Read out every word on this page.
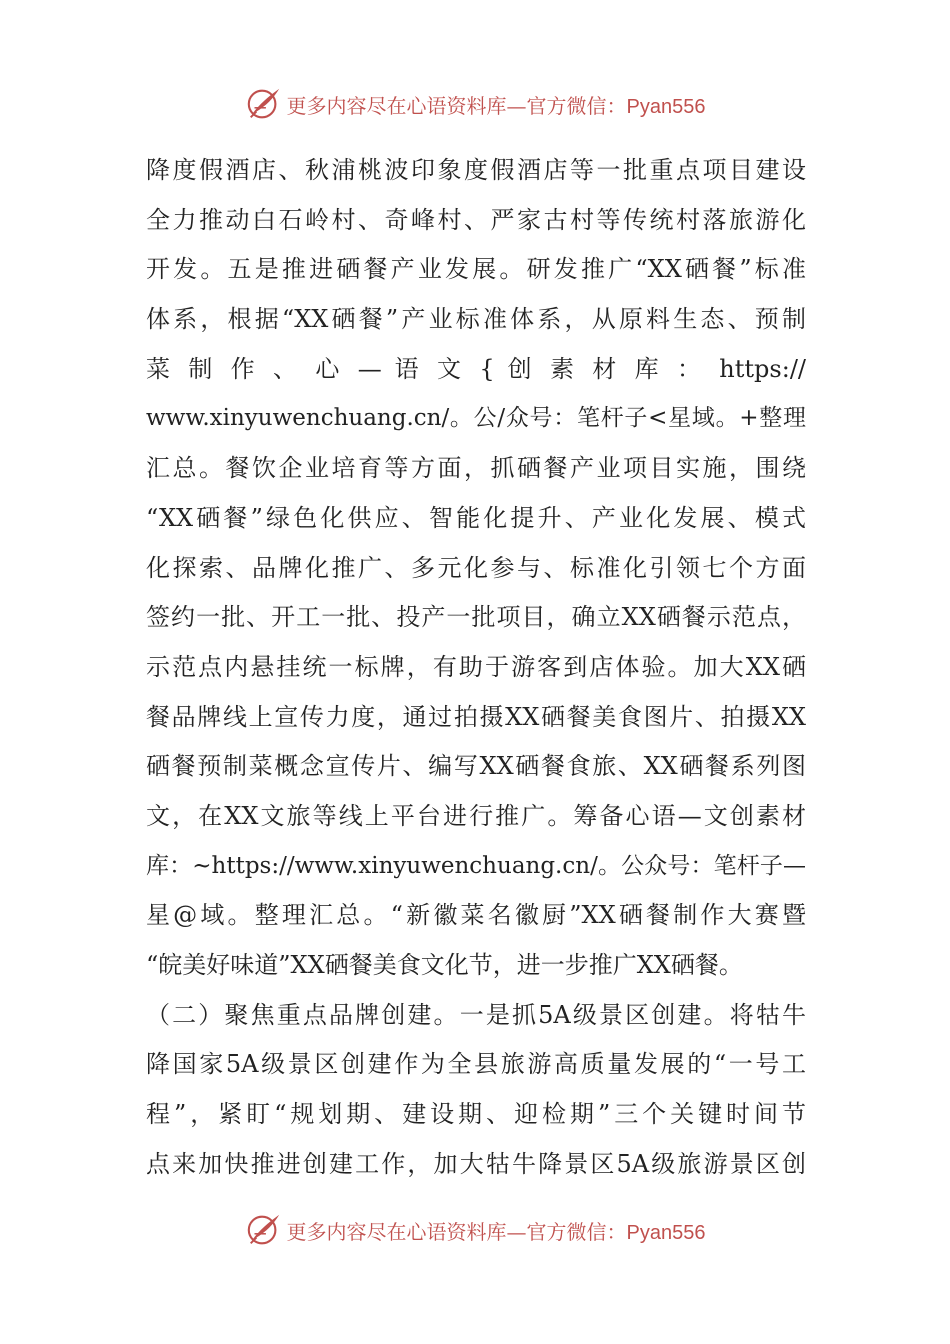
更多内容尽在心语资料库—官方微信：Pyan556
降度假酒店、秋浦桃波印象度假酒店等一批重点项目建设
全力推动白石岭村、奇峰村、严家古村等传统村落旅游化
开发。五是推进硒餐产业发展。研发推广“XX硒餐”标准
体系，根据“XX硒餐”产业标准体系，从原料生态、预制
菜 制 作 、 心 — 语 文 { 创 素 材 库 ： https://
www.xinyuwenchuang.cn/。公/众号：笔杆子<星域。+整理
汇总。餐饮企业培育等方面，抓硒餐产业项目实施，围绕
“XX硒餐”绿色化供应、智能化提升、产业化发展、模式
化探索、品牌化推广、多元化参与、标准化引领七个方面
签约一批、开工一批、投产一批项目，确立XX硒餐示范点，
示范点内悬挂统一标牌，有助于游客到店体验。加大XX硒
餐品牌线上宣传力度，通过拍摄XX硒餐美食图片、拍摄XX
硒餐预制菜概念宣传片、编写XX硒餐食旅、XX硒餐系列图
文，在XX文旅等线上平台进行推广。筹备心语—文创素材
库：~https://www.xinyuwenchuang.cn/。公众号：笔杆子—
星@域。整理汇总。“新徽菜名徽厨”XX硒餐制作大赛暨
“皖美好味道”XX硒餐美食文化节，进一步推广XX硒餐。
（二）聚焦重点品牌创建。一是抓5A级景区创建。将牯牛
降国家5A级景区创建作为全县旅游高质量发展的“一号工
程”，紧盯“规划期、建设期、迎检期”三个关键时间节
点来加快推进创建工作，加大牯牛降景区5A级旅游景区创
更多内容尽在心语资料库—官方微信：Pyan556
